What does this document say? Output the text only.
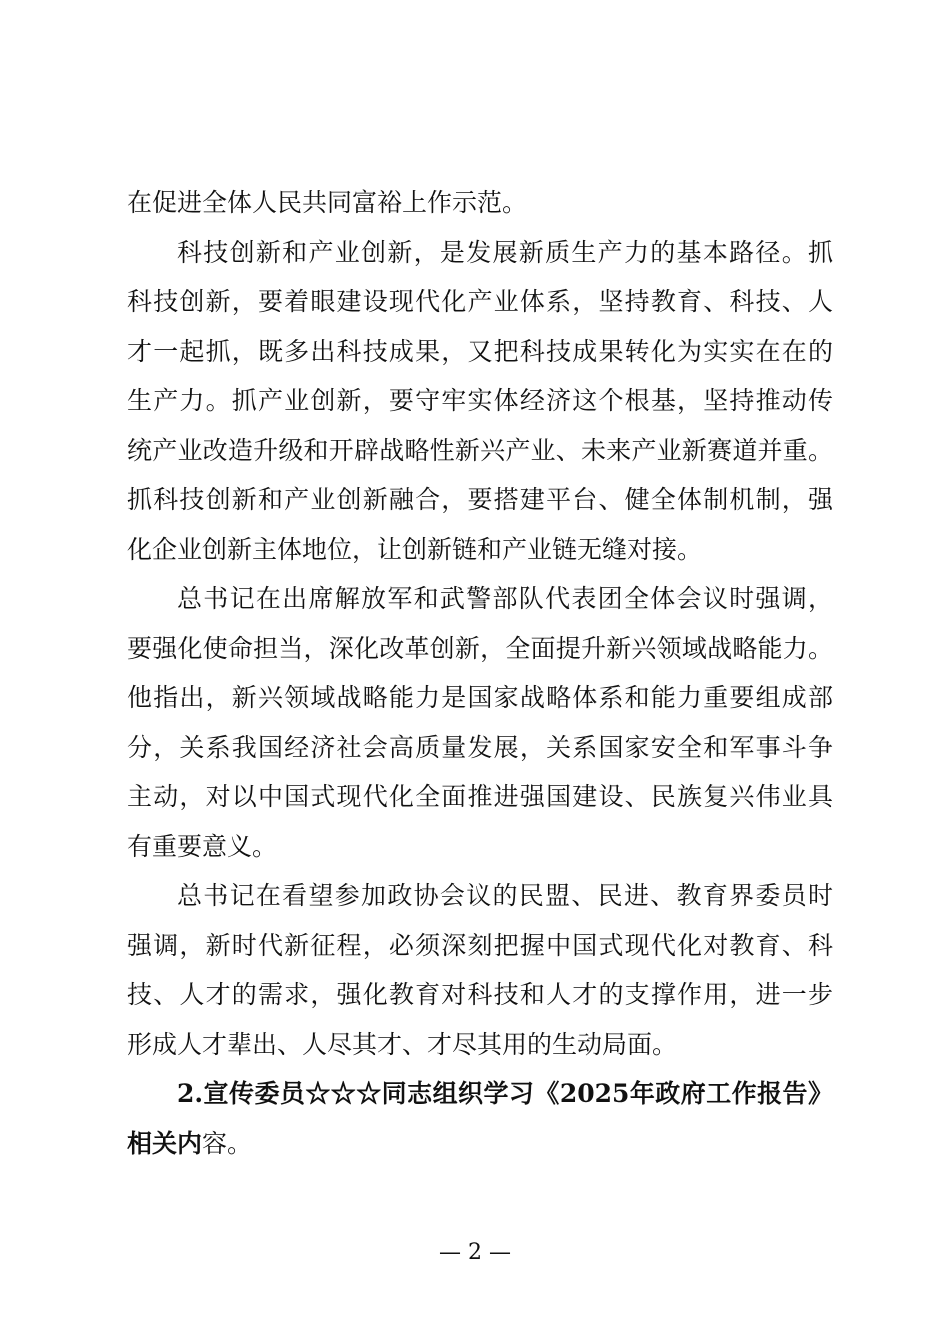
在促进全体人民共同富裕上作示范。
科技创新和产业创新，是发展新质生产力的基本路径。抓
科技创新，要着眼建设现代化产业体系，坚持教育、科技、人
才一起抓，既多出科技成果，又把科技成果转化为实实在在的
生产力。抓产业创新，要守牢实体经济这个根基，坚持推动传
统产业改造升级和开辟战略性新兴产业、未来产业新赛道并重。
抓科技创新和产业创新融合，要搭建平台、健全体制机制，强
化企业创新主体地位，让创新链和产业链无缝对接。
总书记在出席解放军和武警部队代表团全体会议时强调，
要强化使命担当，深化改革创新，全面提升新兴领域战略能力。
他指出，新兴领域战略能力是国家战略体系和能力重要组成部
分，关系我国经济社会高质量发展，关系国家安全和军事斗争
主动，对以中国式现代化全面推进强国建设、民族复兴伟业具
有重要意义。
总书记在看望参加政协会议的民盟、民进、教育界委员时
强调，新时代新征程，必须深刻把握中国式现代化对教育、科
技、人才的需求，强化教育对科技和人才的支撑作用，进一步
形成人才辈出、人尽其才、才尽其用的生动局面。
2.宣传委员☆☆☆同志组织学习《2025年政府工作报告》
相关内容。
— 2 —
